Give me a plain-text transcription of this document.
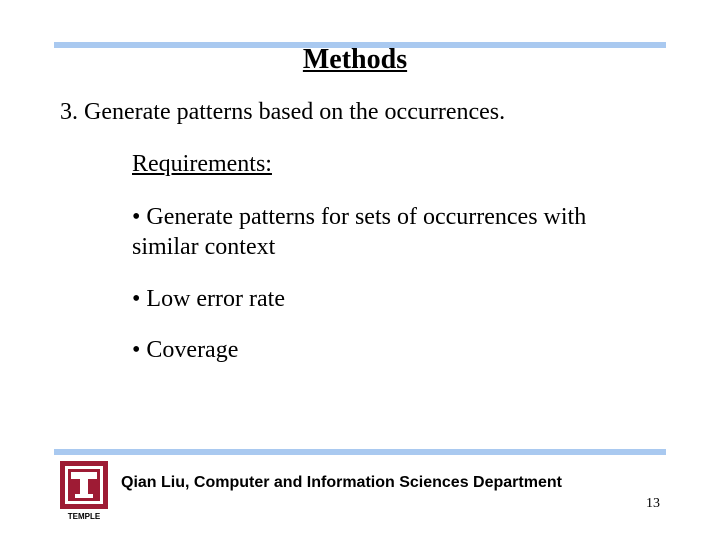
Methods
3. Generate patterns based on the occurrences.
Requirements:
• Generate patterns for sets of occurrences with similar context
• Low error rate
• Coverage
TEMPLE
Qian Liu, Computer and Information Sciences Department
13
